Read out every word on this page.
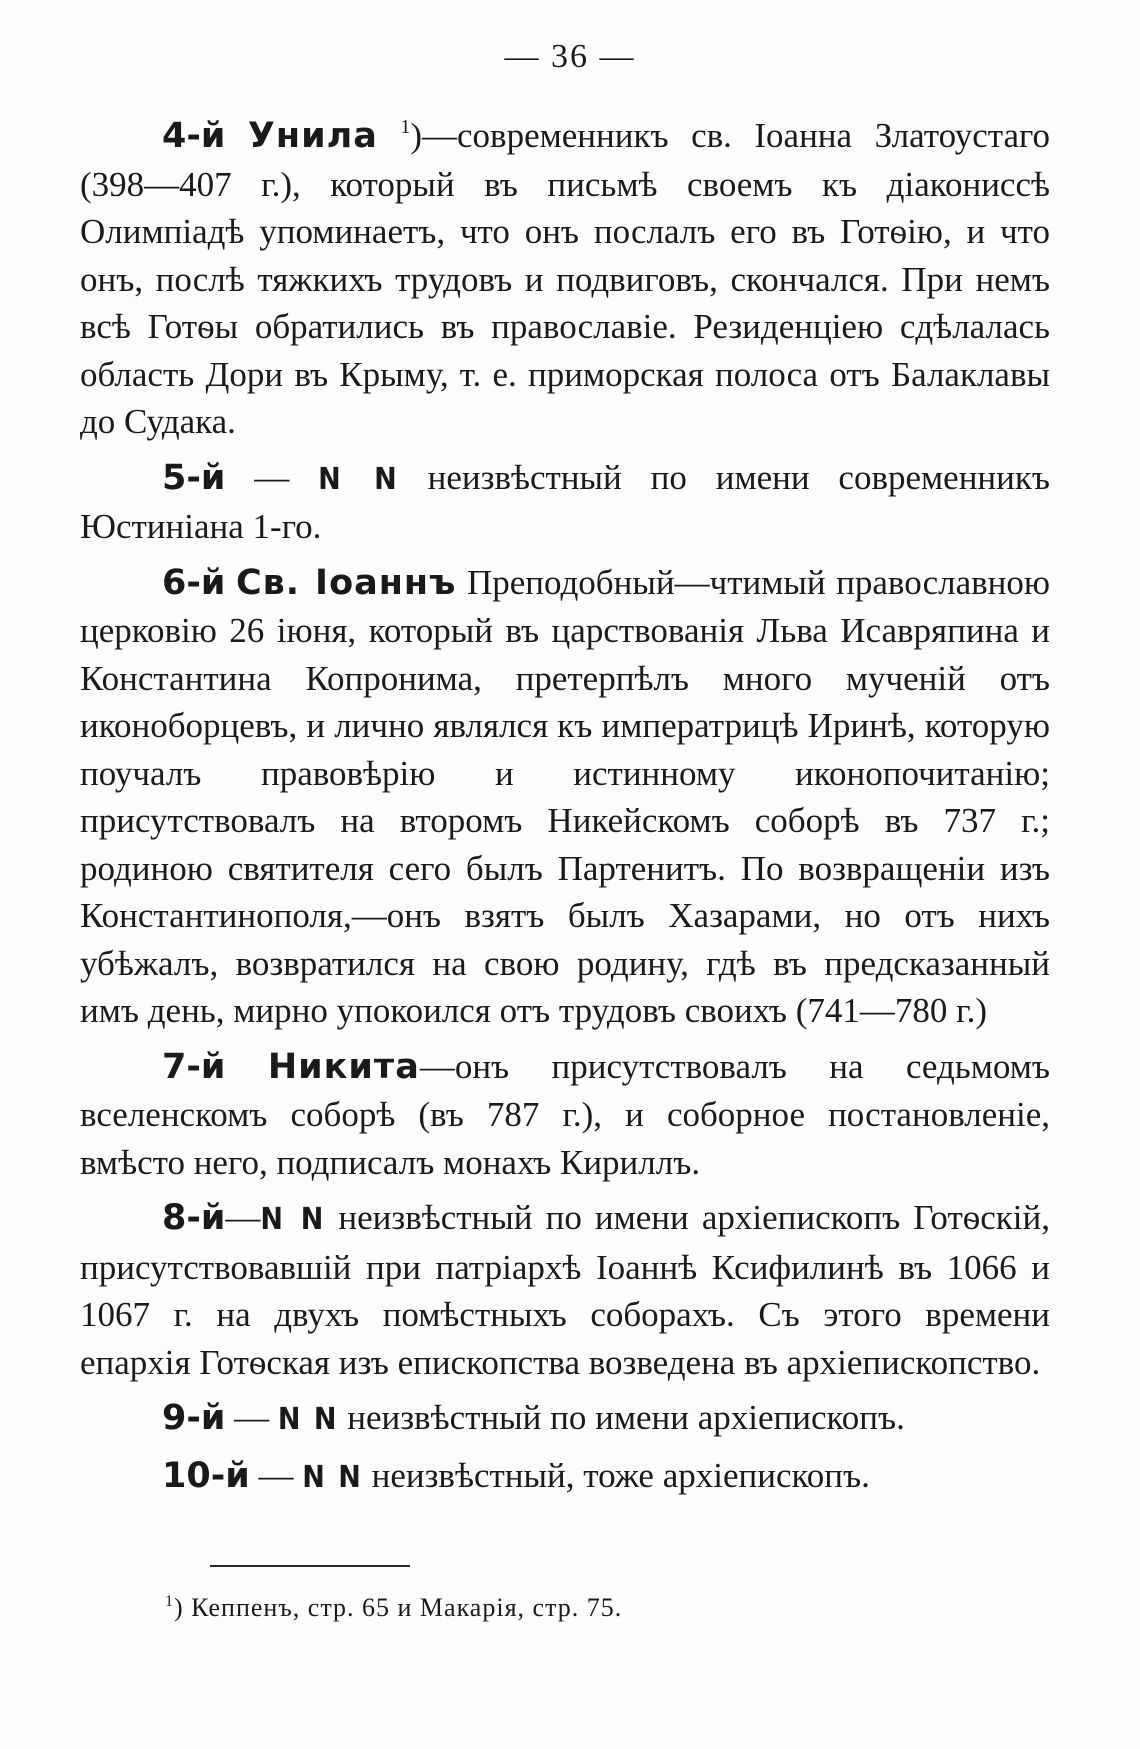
— 36 —

4-й Унила $^1$)—современникъ св. Іоанна Златоустаго (398—407 г.), который въ письмѣ своемъ къ діакониссѣ Олимпіадѣ упоминаетъ, что онъ послалъ его въ Готѳію, и что онъ, послѣ тяжкихъ трудовъ и подвиговъ, скончался. При немъ всѣ Готѳы обратились въ православіе. Резиденціею сдѣлалась область Дори въ Крыму, т. е. приморская полоса отъ Балаклавы до Судака.

5-й — N N неизвѣстный по имени современникъ Юстиніана 1-го.

6-й Св. Іоаннъ Преподобный—чтимый православною церковію 26 іюня, который въ царствованія Льва Исавряпина и Константина Копронима, претерпѣлъ много мученій отъ иконоборцевъ, и лично являлся къ императрицѣ Иринѣ, которую поучалъ правовѣрію и истинному иконопочитанію; присутствовалъ на второмъ Никейскомъ соборѣ въ 737 г.; родиною святителя сего былъ Партенитъ. По возвращеніи изъ Константинополя,—онъ взятъ былъ Хазарами, но отъ нихъ убѣжалъ, возвратился на свою родину, гдѣ въ предсказанный имъ день, мирно упокоился отъ трудовъ своихъ (741—780 г.)

7-й Никита—онъ присутствовалъ на седьмомъ вселенскомъ соборѣ (въ 787 г.), и соборное постановленіе, вмѣсто него, подписалъ монахъ Кириллъ.

8-й—N N неизвѣстный по имени архіепископъ Готѳскій, присутствовавшій при патріархѣ Іоаннѣ Ксифилинѣ въ 1066 и 1067 г. на двухъ помѣстныхъ соборахъ. Съ этого времени епархія Готѳская изъ епископства возведена въ архіепископство.

9-й — N N неизвѣстный по имени архіепископъ.

10-й — N N неизвѣстный, тоже архіепископъ.

$^1$) Кеппенъ, стр. 65 и Макарія, стр. 75.
